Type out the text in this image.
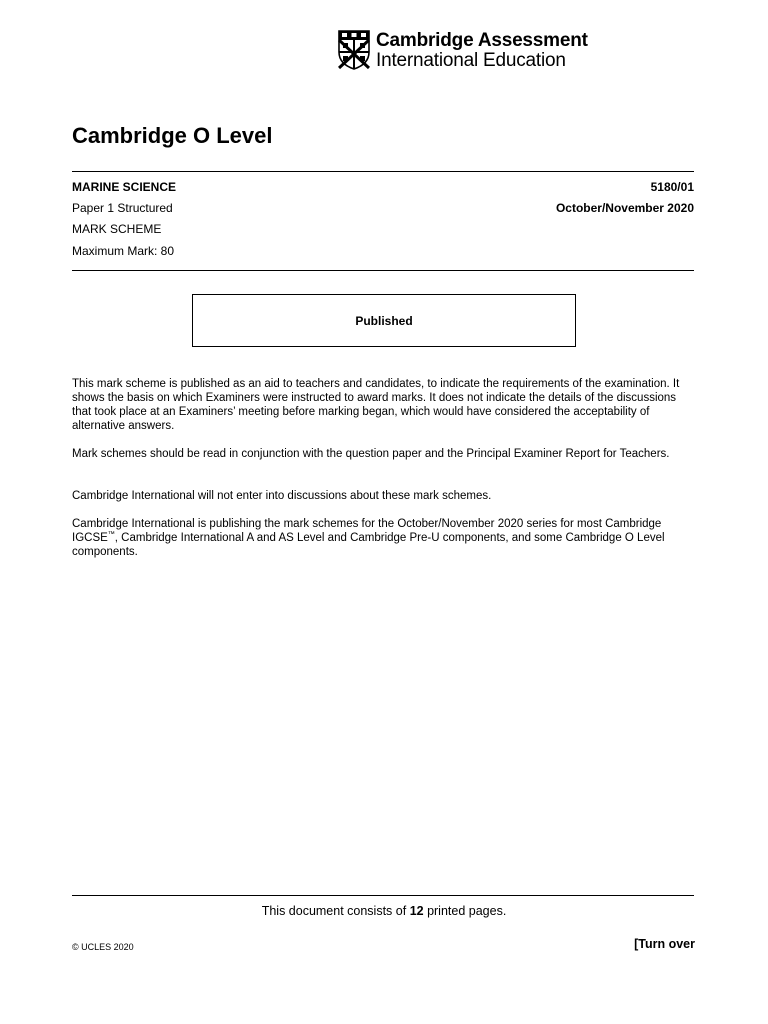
Cambridge Assessment
International Education
Cambridge O Level
MARINE SCIENCE	5180/01
Paper 1 Structured	October/November 2020
MARK SCHEME
Maximum Mark: 80
Published

This mark scheme is published as an aid to teachers and candidates, to indicate the requirements of the examination. It shows the basis on which Examiners were instructed to award marks. It does not indicate the details of the discussions that took place at an Examiners’ meeting before marking began, which would have considered the acceptability of alternative answers.

Mark schemes should be read in conjunction with the question paper and the Principal Examiner Report for Teachers.

Cambridge International will not enter into discussions about these mark schemes.

Cambridge International is publishing the mark schemes for the October/November 2020 series for most Cambridge IGCSE™, Cambridge International A and AS Level and Cambridge Pre-U components, and some Cambridge O Level components.

This document consists of 12 printed pages.
© UCLES 2020	[Turn over
